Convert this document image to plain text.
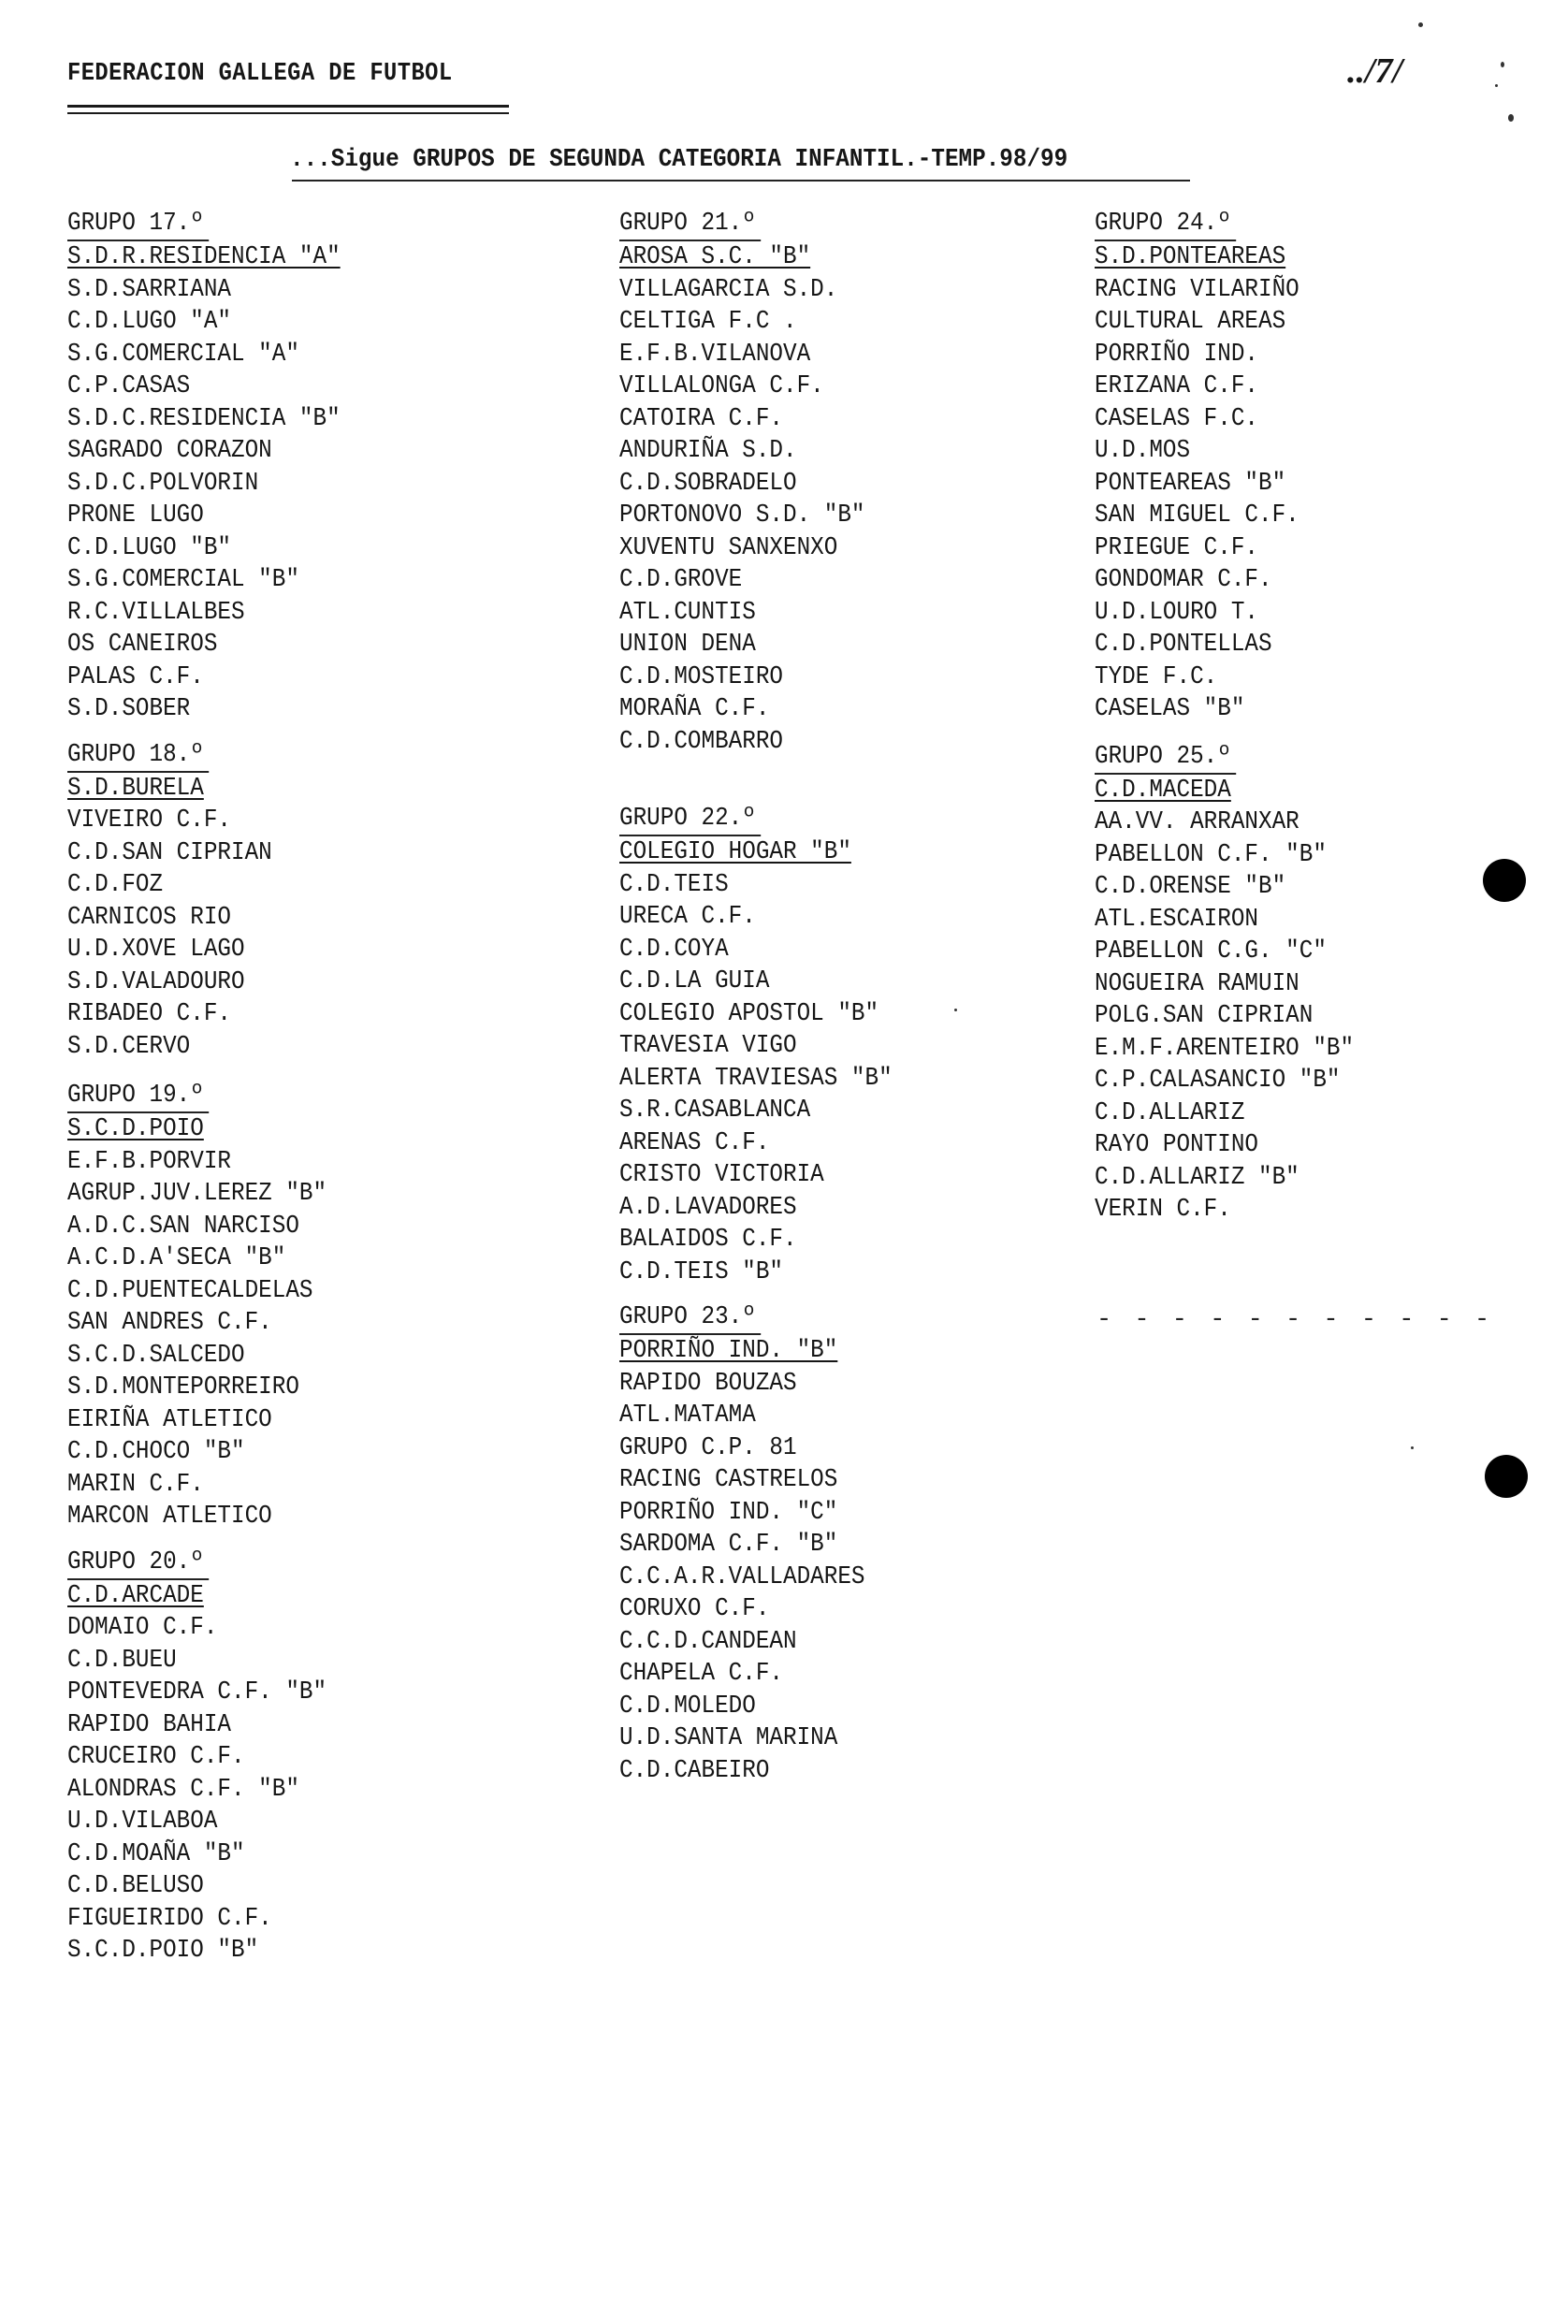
FEDERACION GALLEGA DE FUTBOL	../7/
...Sigue GRUPOS DE SEGUNDA CATEGORIA INFANTIL.-TEMP.98/99
GRUPO 17.º
S.D.R.RESIDENCIA "A"
S.D.SARRIANA
C.D.LUGO "A"
S.G.COMERCIAL "A"
C.P.CASAS
S.D.C.RESIDENCIA "B"
SAGRADO CORAZON
S.D.C.POLVORIN
PRONE LUGO
C.D.LUGO "B"
S.G.COMERCIAL "B"
R.C.VILLALBES
OS CANEIROS
PALAS C.F.
S.D.SOBER
GRUPO 18.º
S.D.BURELA
VIVEIRO C.F.
C.D.SAN CIPRIAN
C.D.FOZ
CARNICOS RIO
U.D.XOVE LAGO
S.D.VALADOURO
RIBADEO C.F.
S.D.CERVO
GRUPO 19.º
S.C.D.POIO
E.F.B.PORVIR
AGRUP.JUV.LEREZ "B"
A.D.C.SAN NARCISO
A.C.D.A'SECA "B"
C.D.PUENTECALDELAS
SAN ANDRES C.F.
S.C.D.SALCEDO
S.D.MONTEPORREIRO
EIRIÑA ATLETICO
C.D.CHOCO "B"
MARIN C.F.
MARCON ATLETICO
GRUPO 20.º
C.D.ARCADE
DOMAIO C.F.
C.D.BUEU
PONTEVEDRA C.F. "B"
RAPIDO BAHIA
CRUCEIRO C.F.
ALONDRAS C.F. "B"
U.D.VILABOA
C.D.MOAÑA "B"
C.D.BELUSO
FIGUEIRIDO C.F.
S.C.D.POIO "B"
GRUPO 21.º
AROSA S.C. "B"
VILLAGARCIA S.D.
CELTIGA F.C .
E.F.B.VILANOVA
VILLALONGA C.F.
CATOIRA C.F.
ANDURIÑA S.D.
C.D.SOBRADELO
PORTONOVO S.D. "B"
XUVENTU SANXENXO
C.D.GROVE
ATL.CUNTIS
UNION DENA
C.D.MOSTEIRO
MORAÑA C.F.
C.D.COMBARRO
GRUPO 22.º
COLEGIO HOGAR "B"
C.D.TEIS
URECA C.F.
C.D.COYA
C.D.LA GUIA
COLEGIO APOSTOL "B"
TRAVESIA VIGO
ALERTA TRAVIESAS "B"
S.R.CASABLANCA
ARENAS C.F.
CRISTO VICTORIA
A.D.LAVADORES
BALAIDOS C.F.
C.D.TEIS "B"
GRUPO 23.º
PORRIÑO IND. "B"
RAPIDO BOUZAS
ATL.MATAMA
GRUPO C.P. 81
RACING CASTRELOS
PORRIÑO IND. "C"
SARDOMA C.F. "B"
C.C.A.R.VALLADARES
CORUXO C.F.
C.C.D.CANDEAN
CHAPELA C.F.
C.D.MOLEDO
U.D.SANTA MARINA
C.D.CABEIRO
GRUPO 24.º
S.D.PONTEAREAS
RACING VILARIÑO
CULTURAL AREAS
PORRIÑO IND.
ERIZANA C.F.
CASELAS F.C.
U.D.MOS
PONTEAREAS "B"
SAN MIGUEL C.F.
PRIEGUE C.F.
GONDOMAR C.F.
U.D.LOURO T.
C.D.PONTELLAS
TYDE F.C.
CASELAS "B"
GRUPO 25.º
C.D.MACEDA
AA.VV. ARRANXAR
PABELLON C.F. "B"
C.D.ORENSE "B"
ATL.ESCAIRON
PABELLON C.G. "C"
NOGUEIRA RAMUIN
POLG.SAN CIPRIAN
E.M.F.ARENTEIRO "B"
C.P.CALASANCIO "B"
C.D.ALLARIZ
RAYO PONTINO
C.D.ALLARIZ "B"
VERIN C.F.
- - - - - - - - - - -
